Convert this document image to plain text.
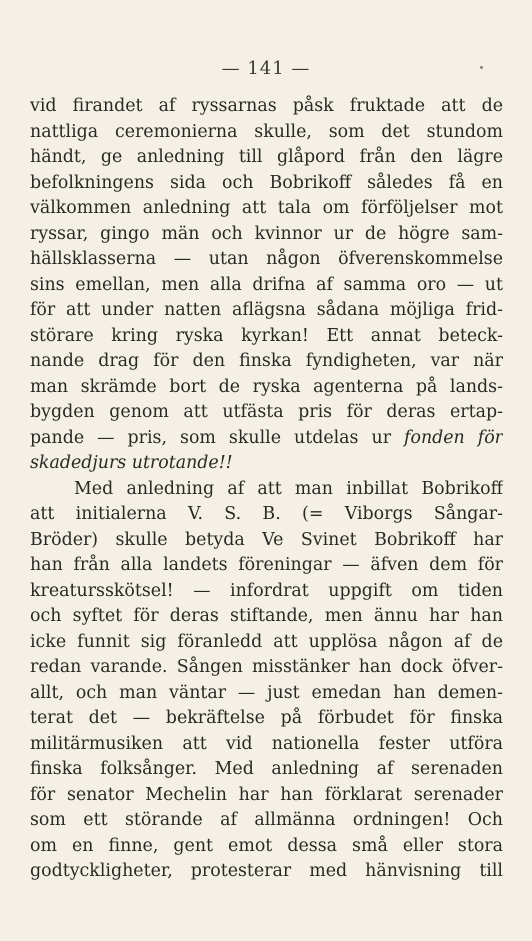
— 141 —
vid firandet af ryssarnas påsk fruktade att de
nattliga ceremonierna skulle, som det stundom
händt, ge anledning till glåpord från den lägre
befolkningens sida och Bobrikoff således få en
välkommen anledning att tala om förföljelser mot
ryssar, gingo män och kvinnor ur de högre sam-
hällsklasserna — utan någon öfverenskommelse
sins emellan, men alla drifna af samma oro — ut
för att under natten aflägsna sådana möjliga frid-
störare kring ryska kyrkan! Ett annat beteck-
nande drag för den finska fyndigheten, var när
man skrämde bort de ryska agenterna på lands-
bygden genom att utfästa pris för deras ertap-
pande — pris, som skulle utdelas ur fonden för
skadedjurs utrotande!!
Med anledning af att man inbillat Bobrikoff
att initialerna V. S. B. (= Viborgs Sångar-
Bröder) skulle betyda Ve Svinet Bobrikoff har
han från alla landets föreningar — äfven dem för
kreatursskötsel! — infordrat uppgift om tiden
och syftet för deras stiftande, men ännu har han
icke funnit sig föranledd att upplösa någon af de
redan varande. Sången misstänker han dock öfver-
allt, och man väntar — just emedan han demen-
terat det — bekräftelse på förbudet för finska
militärmusiken att vid nationella fester utföra
finska folksånger. Med anledning af serenaden
för senator Mechelin har han förklarat serenader
som ett störande af allmänna ordningen! Och
om en finne, gent emot dessa små eller stora
godtyckligheter, protesterar med hänvisning till
